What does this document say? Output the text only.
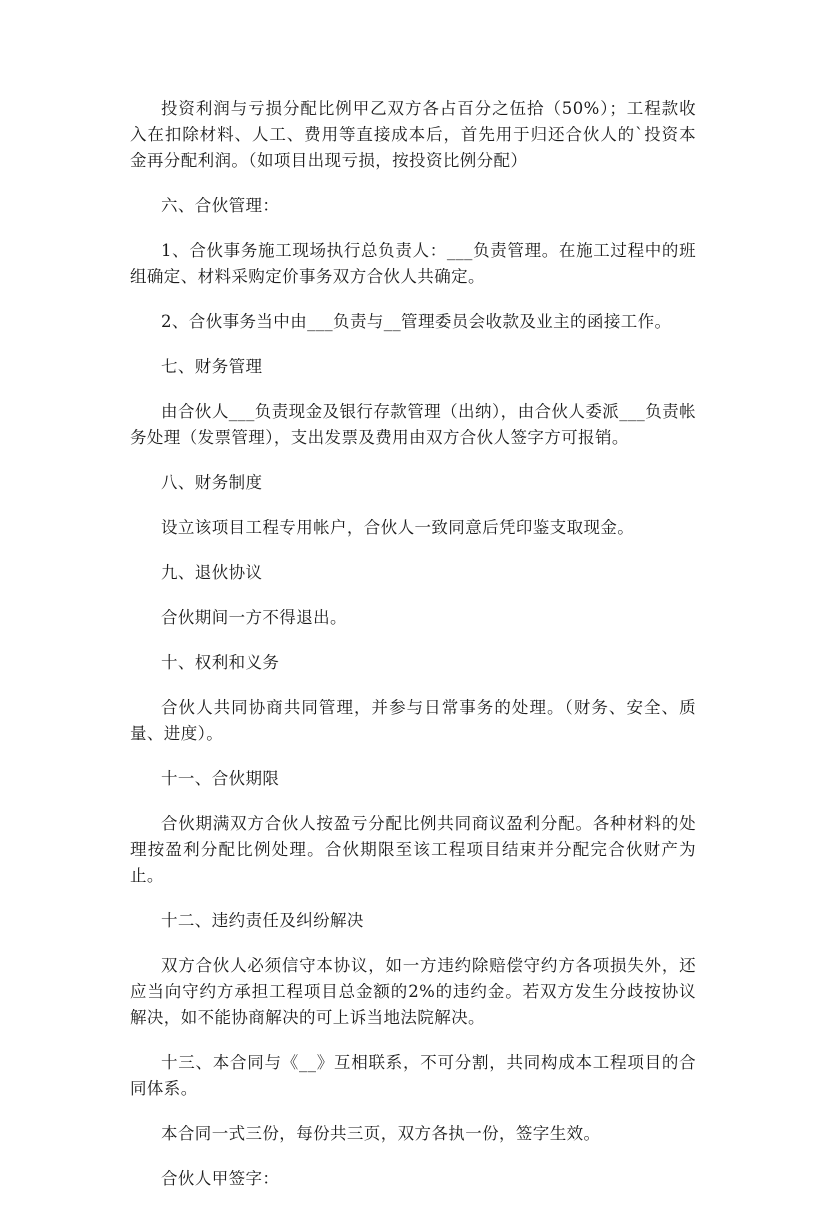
投资利润与亏损分配比例甲乙双方各占百分之伍拾（50%）；工程款收入在扣除材料、人工、费用等直接成本后，首先用于归还合伙人的`投资本金再分配利润。（如项目出现亏损，按投资比例分配）

六、合伙管理：

1、合伙事务施工现场执行总负责人：___负责管理。在施工过程中的班组确定、材料采购定价事务双方合伙人共确定。

2、合伙事务当中由___负责与__管理委员会收款及业主的函接工作。

七、财务管理

由合伙人___负责现金及银行存款管理（出纳），由合伙人委派___负责帐务处理（发票管理），支出发票及费用由双方合伙人签字方可报销。

八、财务制度

设立该项目工程专用帐户，合伙人一致同意后凭印鉴支取现金。

九、退伙协议

合伙期间一方不得退出。

十、权利和义务

合伙人共同协商共同管理，并参与日常事务的处理。（财务、安全、质量、进度）。

十一、合伙期限

合伙期满双方合伙人按盈亏分配比例共同商议盈利分配。各种材料的处理按盈利分配比例处理。合伙期限至该工程项目结束并分配完合伙财产为止。

十二、违约责任及纠纷解决

双方合伙人必须信守本协议，如一方违约除赔偿守约方各项损失外，还应当向守约方承担工程项目总金额的2%的违约金。若双方发生分歧按协议解决，如不能协商解决的可上诉当地法院解决。

十三、本合同与《__》互相联系，不可分割，共同构成本工程项目的合同体系。

本合同一式三份，每份共三页，双方各执一份，签字生效。

合伙人甲签字：
